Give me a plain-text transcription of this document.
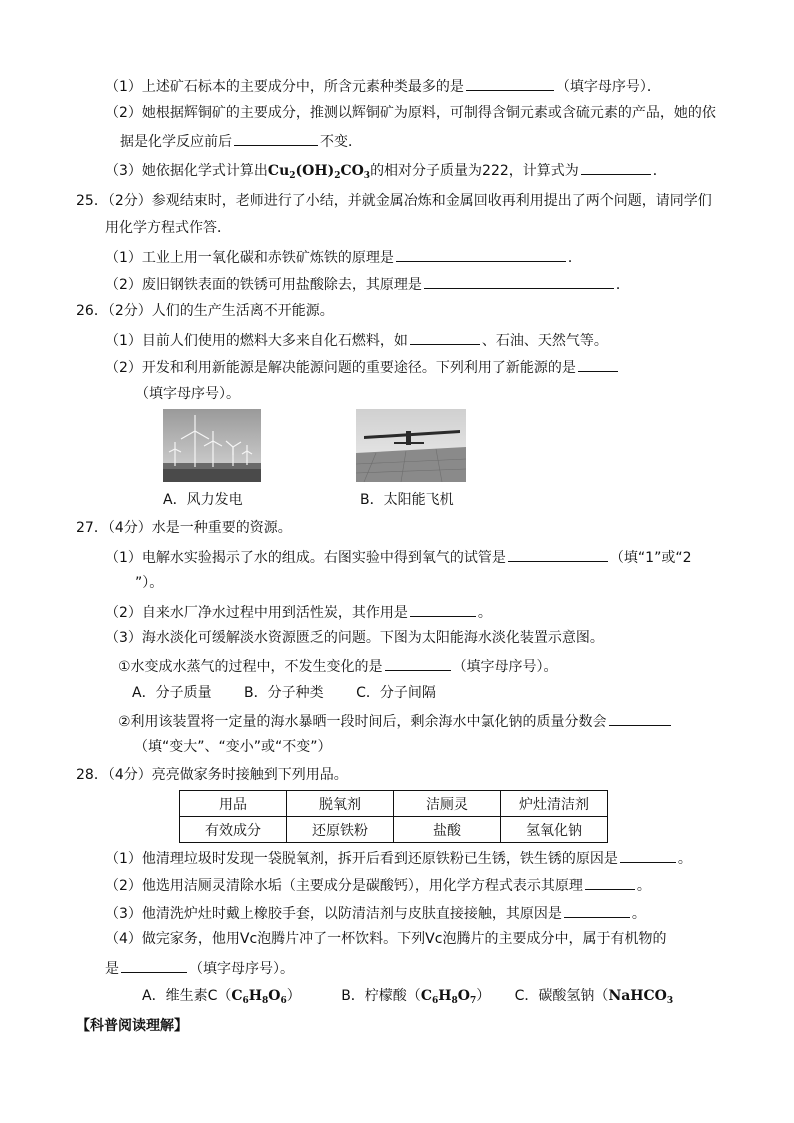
（1）上述矿石标本的主要成分中，所含元素种类最多的是	（填字母序号）．
（2）她根据辉铜矿的主要成分，推测以辉铜矿为原料，可制得含铜元素或含硫元素的产品，她的依
据是化学反应前后	不变．
（3）她依据化学式计算出$Cu_2(OH)_2CO_3$的相对分子质量为222，计算式为	．
25．（2分）参观结束时，老师进行了小结，并就金属冶炼和金属回收再利用提出了两个问题，请同学们
用化学方程式作答．
（1）工业上用一氧化碳和赤铁矿炼铁的原理是	．
（2）废旧钢铁表面的铁锈可用盐酸除去，其原理是	．
26．（2分）人们的生产生活离不开能源。
（1）目前人们使用的燃料大多来自化石燃料，如	、石油、天然气等。
（2）开发和利用新能源是解决能源问题的重要途径。下列利用了新能源的是
（填字母序号）。
A．风力发电	B．太阳能飞机
27．（4分）水是一种重要的资源。
（1）电解水实验揭示了水的组成。右图实验中得到氧气的试管是	（填“1”或“2
”）。
（2）自来水厂净水过程中用到活性炭，其作用是	。
（3）海水淡化可缓解淡水资源匮乏的问题。下图为太阳能海水淡化装置示意图。
①水变成水蒸气的过程中，不发生变化的是	（填字母序号）。
A．分子质量 B．分子种类 C．分子间隔
②利用该装置将一定量的海水暴晒一段时间后，剩余海水中氯化钠的质量分数会
（填“变大”、“变小”或“不变”）
28．（4分）亮亮做家务时接触到下列用品。
用品	脱氧剂	洁厕灵	炉灶清洁剂
有效成分	还原铁粉	盐酸	氢氧化钠
（1）他清理垃圾时发现一袋脱氧剂，拆开后看到还原铁粉已生锈，铁生锈的原因是	。
（2）他选用洁厕灵清除水垢（主要成分是碳酸钙），用化学方程式表示其原理	。
（3）他清洗炉灶时戴上橡胶手套，以防清洁剂与皮肤直接接触，其原因是	。
（4）做完家务，他用Vc泡腾片冲了一杯饮料。下列Vc泡腾片的主要成分中，属于有机物的
是	（填字母序号）。
A．维生素$C(C_6H_8O_6)$	B．柠檬酸$(C_6H_8O_7)$ C．碳酸氢钠（NaHCO$_3$
【科普阅读理解】
